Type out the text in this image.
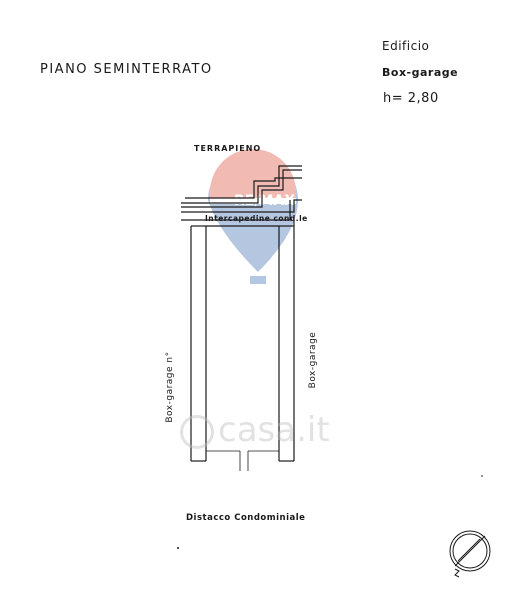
RE/MAX
PIANO SEMINTERRATO
Edificio
Box-garage
h= 2,80
TERRAPIENO
Intercapedine cond.le
Box-garage n°	Box-garage
Distacco Condominiale
casa.it
